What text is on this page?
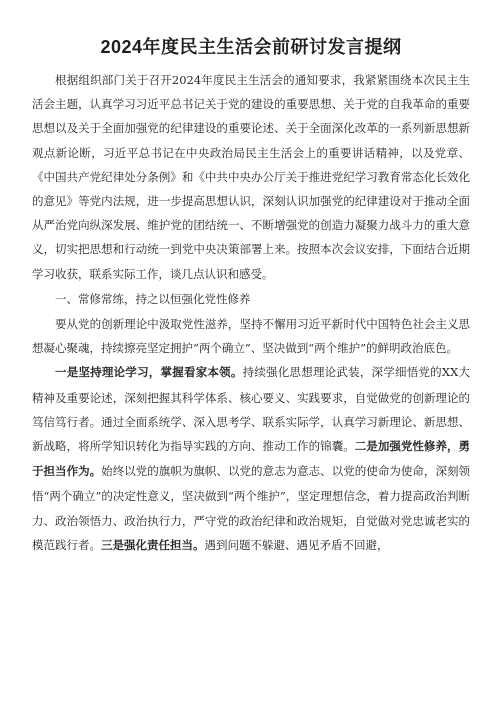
2024年度民主生活会前研讨发言提纲

根据组织部门关于召开2024年度民主生活会的通知要求，我紧紧围绕本次民主生活会主题，认真学习习近平总书记关于党的建设的重要思想、关于党的自我革命的重要思想以及关于全面加强党的纪律建设的重要论述、关于全面深化改革的一系列新思想新观点新论断，习近平总书记在中央政治局民主生活会上的重要讲话精神，以及党章、《中国共产党纪律处分条例》和《中共中央办公厅关于推进党纪学习教育常态化长效化的意见》等党内法规，进一步提高思想认识，深刻认识加强党的纪律建设对于推动全面从严治党向纵深发展、维护党的团结统一、不断增强党的创造力凝聚力战斗力的重大意义，切实把思想和行动统一到党中央决策部署上来。按照本次会议安排，下面结合近期学习收获，联系实际工作，谈几点认识和感受。

一、常修常练，持之以恒强化党性修养

要从党的创新理论中汲取党性滋养，坚持不懈用习近平新时代中国特色社会主义思想凝心聚魂，持续擦亮坚定拥护“两个确立”、坚决做到“两个维护”的鲜明政治底色。

一是坚持理论学习，掌握看家本领。持续强化思想理论武装，深学细悟党的XX大精神及重要论述，深刻把握其科学体系、核心要义、实践要求，自觉做党的创新理论的笃信笃行者。通过全面系统学、深入思考学、联系实际学，认真学习新理论、新思想、新战略，将所学知识转化为指导实践的方向、推动工作的锦囊。二是加强党性修养，勇于担当作为。始终以党的旗帜为旗帜、以党的意志为意志、以党的使命为使命，深刻领悟“两个确立”的决定性意义，坚决做到“两个维护”，坚定理想信念，着力提高政治判断力、政治领悟力、政治执行力，严守党的政治纪律和政治规矩，自觉做对党忠诚老实的模范践行者。三是强化责任担当。遇到问题不躲避、遇见矛盾不回避，
